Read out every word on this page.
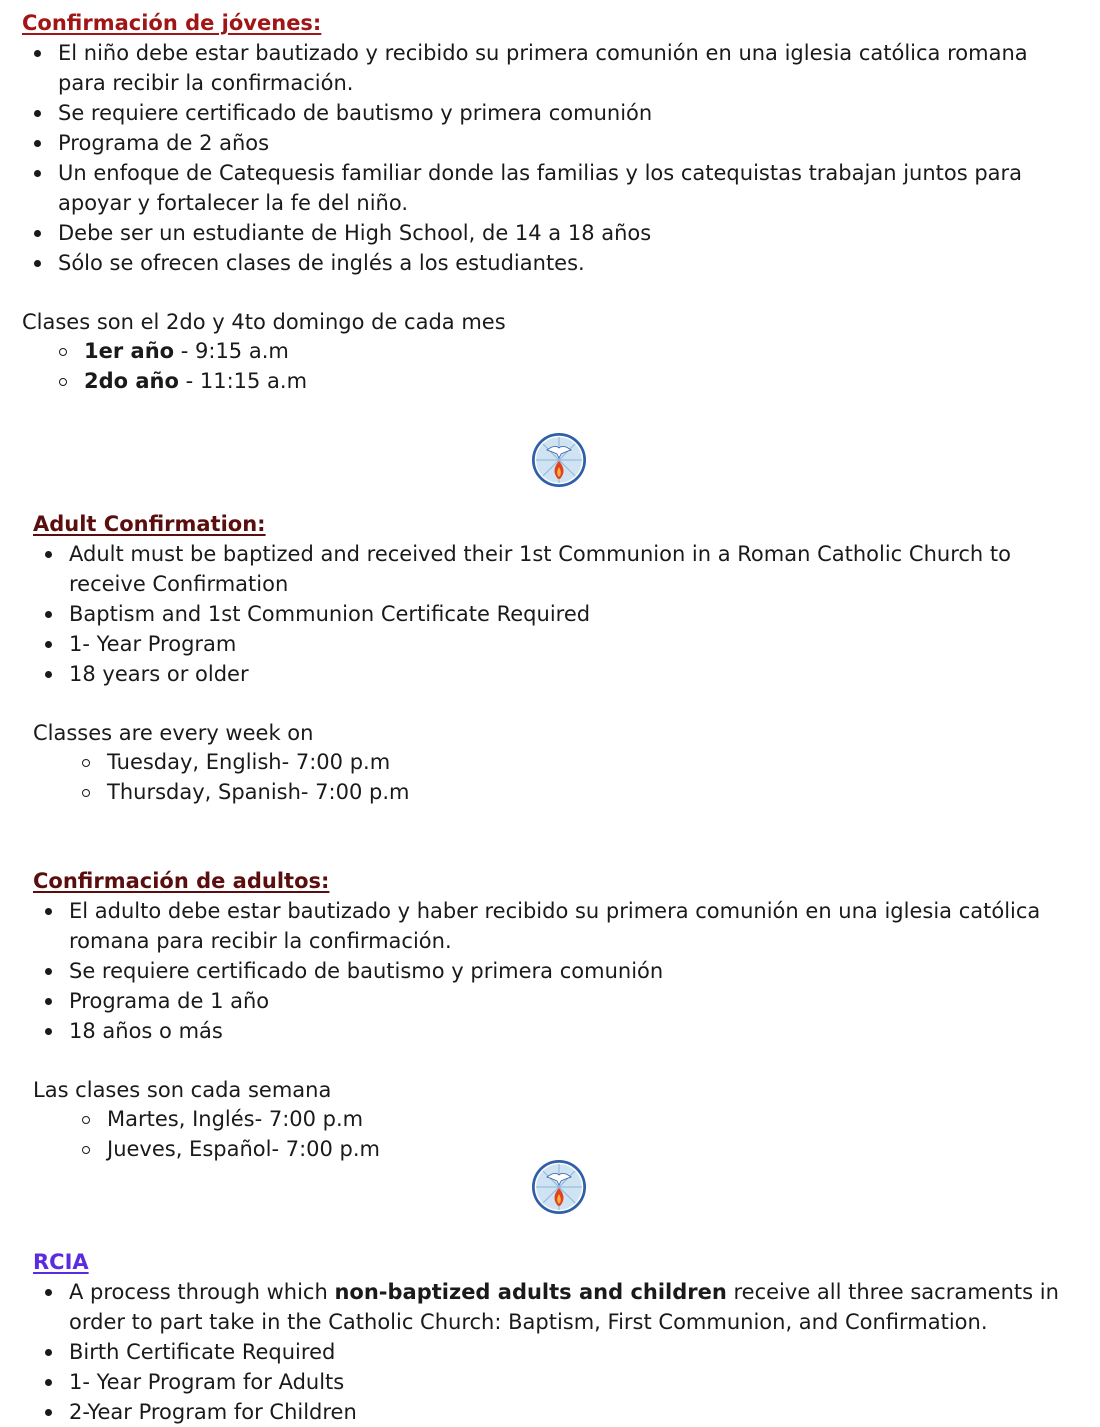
Confirmación de jóvenes:
El niño debe estar bautizado y recibido su primera comunión en una iglesia católica romana para recibir la confirmación.
Se requiere certificado de bautismo y primera comunión
Programa de 2 años
Un enfoque de Catequesis familiar donde las familias y los catequistas trabajan juntos para apoyar y fortalecer la fe del niño.
Debe ser un estudiante de High School, de 14 a 18 años
Sólo se ofrecen clases de inglés a los estudiantes.

Clases son el 2do y 4to domingo de cada mes

1er año - 9:15 a.m
2do año - 11:15 a.m
Adult Confirmation:
Adult must be baptized and received their 1st Communion in a Roman Catholic Church to receive Confirmation
Baptism and 1st Communion Certificate Required
1- Year Program
18 years or older

Classes are every week on

Tuesday, English- 7:00 p.m
Thursday, Spanish- 7:00 p.m
Confirmación de adultos:
El adulto debe estar bautizado y haber recibido su primera comunión en una iglesia católica romana para recibir la confirmación.
Se requiere certificado de bautismo y primera comunión
Programa de 1 año
18 años o más

Las clases son cada semana

Martes, Inglés- 7:00 p.m
Jueves, Español- 7:00 p.m
RCIA
A process through which non-baptized adults and children receive all three sacraments in order to part take in the Catholic Church: Baptism, First Communion, and Confirmation.
Birth Certificate Required
1- Year Program for Adults
2-Year Program for Children
